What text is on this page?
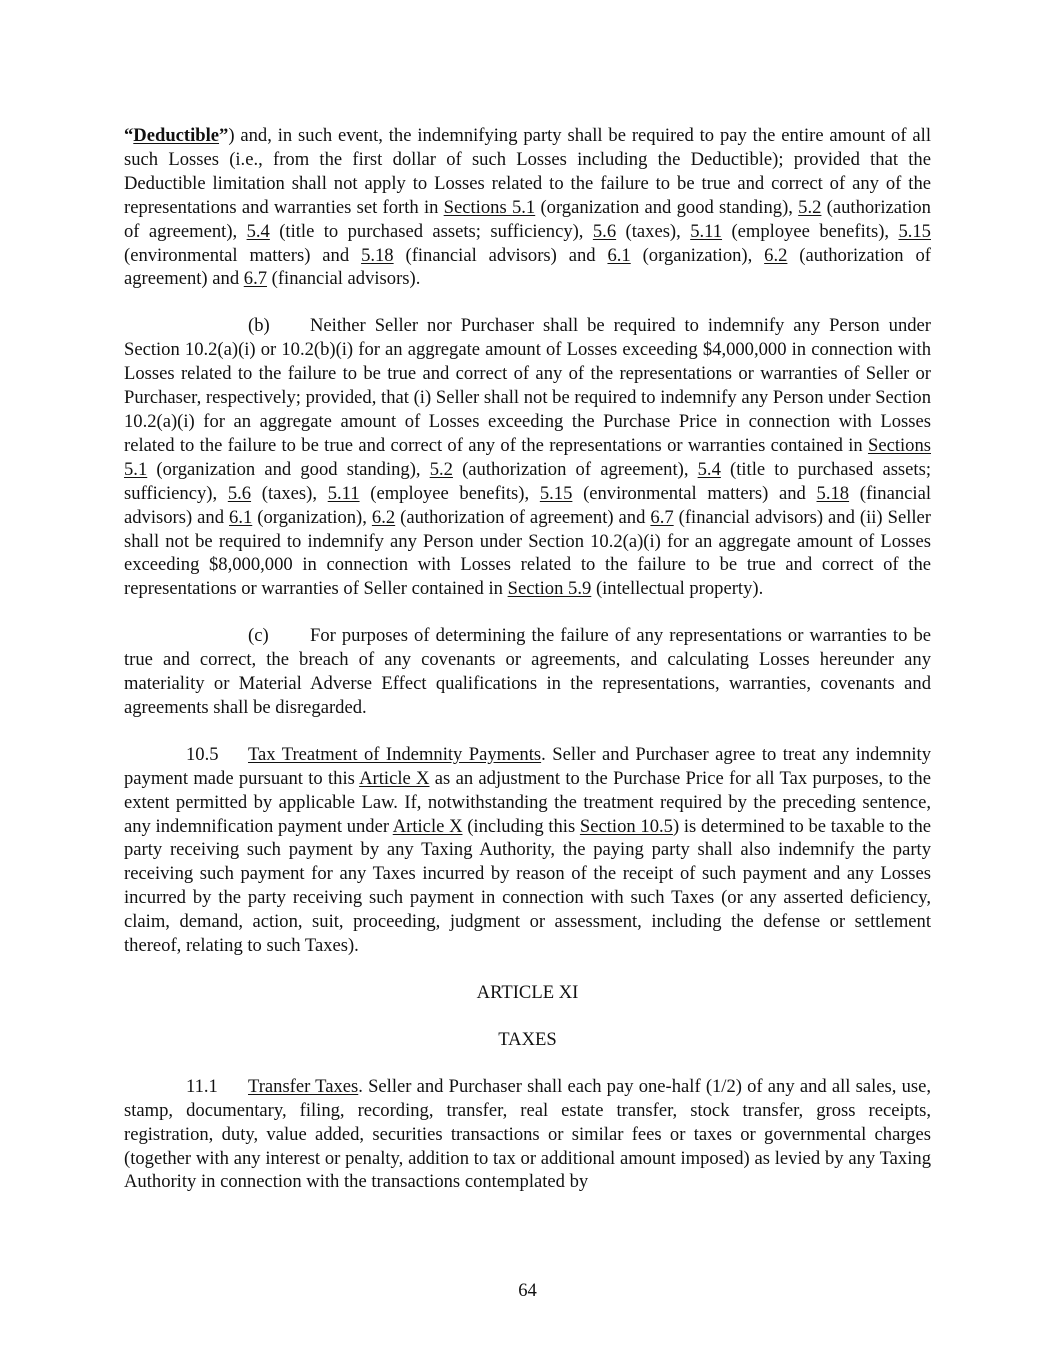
“Deductible”) and, in such event, the indemnifying party shall be required to pay the entire amount of all such Losses (i.e., from the first dollar of such Losses including the Deductible); provided that the Deductible limitation shall not apply to Losses related to the failure to be true and correct of any of the representations and warranties set forth in Sections 5.1 (organization and good standing), 5.2 (authorization of agreement), 5.4 (title to purchased assets; sufficiency), 5.6 (taxes), 5.11 (employee benefits), 5.15 (environmental matters) and 5.18 (financial advisors) and 6.1 (organization), 6.2 (authorization of agreement) and 6.7 (financial advisors).

(b) Neither Seller nor Purchaser shall be required to indemnify any Person under Section 10.2(a)(i) or 10.2(b)(i) for an aggregate amount of Losses exceeding $4,000,000 in connection with Losses related to the failure to be true and correct of any of the representations or warranties of Seller or Purchaser, respectively; provided, that (i) Seller shall not be required to indemnify any Person under Section 10.2(a)(i) for an aggregate amount of Losses exceeding the Purchase Price in connection with Losses related to the failure to be true and correct of any of the representations or warranties contained in Sections 5.1 (organization and good standing), 5.2 (authorization of agreement), 5.4 (title to purchased assets; sufficiency), 5.6 (taxes), 5.11 (employee benefits), 5.15 (environmental matters) and 5.18 (financial advisors) and 6.1 (organization), 6.2 (authorization of agreement) and 6.7 (financial advisors) and (ii) Seller shall not be required to indemnify any Person under Section 10.2(a)(i) for an aggregate amount of Losses exceeding $8,000,000 in connection with Losses related to the failure to be true and correct of the representations or warranties of Seller contained in Section 5.9 (intellectual property).

(c) For purposes of determining the failure of any representations or warranties to be true and correct, the breach of any covenants or agreements, and calculating Losses hereunder any materiality or Material Adverse Effect qualifications in the representations, warranties, covenants and agreements shall be disregarded.

10.5 Tax Treatment of Indemnity Payments. Seller and Purchaser agree to treat any indemnity payment made pursuant to this Article X as an adjustment to the Purchase Price for all Tax purposes, to the extent permitted by applicable Law. If, notwithstanding the treatment required by the preceding sentence, any indemnification payment under Article X (including this Section 10.5) is determined to be taxable to the party receiving such payment by any Taxing Authority, the paying party shall also indemnify the party receiving such payment for any Taxes incurred by reason of the receipt of such payment and any Losses incurred by the party receiving such payment in connection with such Taxes (or any asserted deficiency, claim, demand, action, suit, proceeding, judgment or assessment, including the defense or settlement thereof, relating to such Taxes).

ARTICLE XI

TAXES

11.1 Transfer Taxes. Seller and Purchaser shall each pay one-half (1/2) of any and all sales, use, stamp, documentary, filing, recording, transfer, real estate transfer, stock transfer, gross receipts, registration, duty, value added, securities transactions or similar fees or taxes or governmental charges (together with any interest or penalty, addition to tax or additional amount imposed) as levied by any Taxing Authority in connection with the transactions contemplated by

64
